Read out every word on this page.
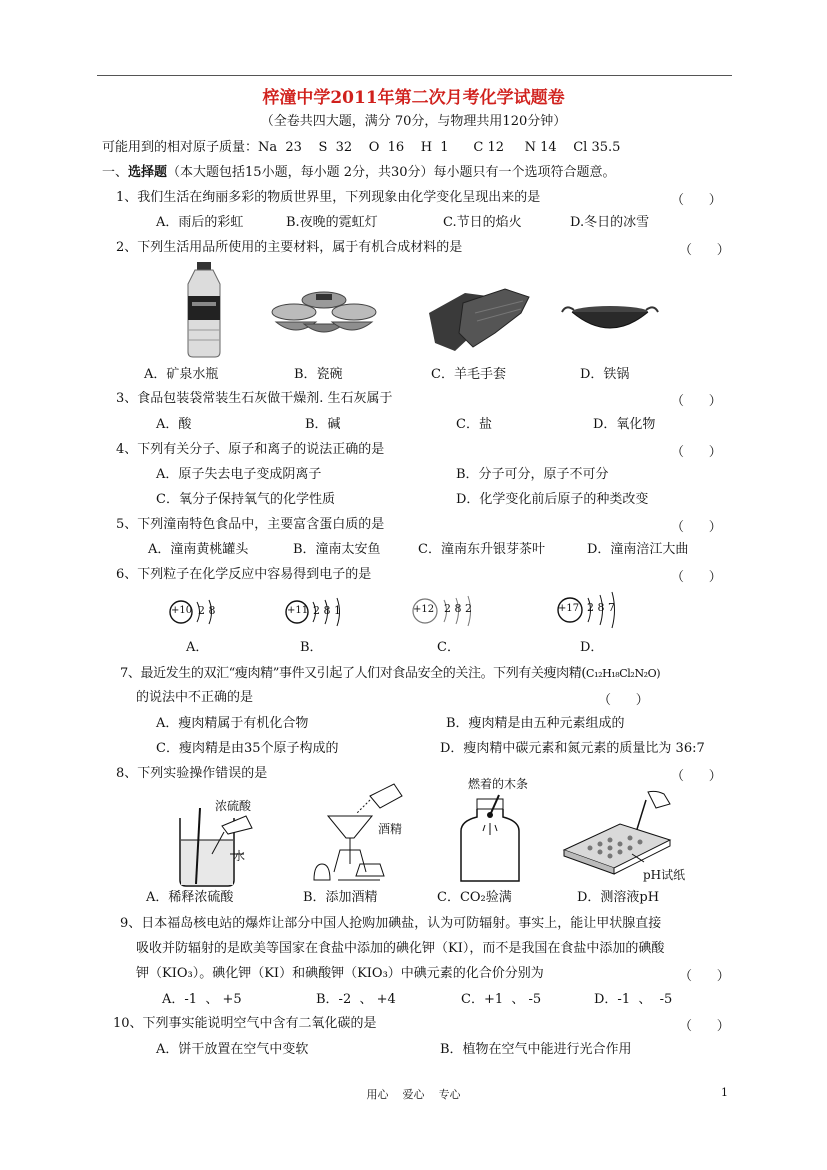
梓潼中学2011年第二次月考化学试题卷
（全卷共四大题，满分 70分，与物理共用120分钟）
可能用到的相对原子质量：Na  23    S  32    O  16    H  1      C 12     N 14    Cl 35.5
一、选择题（本大题包括15小题，每小题 2分，共30分）每小题只有一个选项符合题意。
1、我们生活在绚丽多彩的物质世界里，下列现象由化学变化呈现出来的是	（      ）
A．雨后的彩虹	B.夜晚的霓虹灯	C.节日的焰火	D.冬日的冰雪
2、下列生活用品所使用的主要材料，属于有机合成材料的是	（      ）
A．矿泉水瓶	B．瓷碗	C．羊毛手套	D．铁锅
3、食品包装袋常装生石灰做干燥剂. 生石灰属于	（      ）
A．酸	B．碱	C．盐	D．氧化物
4、下列有关分子、原子和离子的说法正确的是	（      ）
A．原子失去电子变成阴离子	B．分子可分，原子不可分
C．氧分子保持氧气的化学性质	D．化学变化前后原子的种类改变
5、下列潼南特色食品中，主要富含蛋白质的是	（      ）
A．潼南黄桃罐头	B．潼南太安鱼	C．潼南东升银芽茶叶	D．潼南涪江大曲
6、下列粒子在化学反应中容易得到电子的是	（      ）
+10 2 8	+11 2 8 1	+12 2 8 2	+17 2 8 7
A．	B．	C．	D．
7、最近发生的双汇“瘦肉精”事件又引起了人们对食品安全的关注。下列有关瘦肉精(C₁₂H₁₈Cl₂N₂O)
的说法中不正确的是	（      ）
A．瘦肉精属于有机化合物	B．瘦肉精是由五种元素组成的
C．瘦肉精是由35个原子构成的	D．瘦肉精中碳元素和氮元素的质量比为 36:7
8、下列实验操作错误的是	（      ）
浓硫酸
水
酒精
燃着的木条
pH试纸
A．稀释浓硫酸	B．添加酒精	C．CO₂验满	D．测溶液pH
9、日本福岛核电站的爆炸让部分中国人抢购加碘盐，认为可防辐射。事实上，能让甲状腺直接
吸收并防辐射的是欧美等国家在食盐中添加的碘化钾（KI），而不是我国在食盐中添加的碘酸
钾（KIO₃）。碘化钾（KI）和碘酸钾（KIO₃）中碘元素的化合价分别为	（      ）
A．-1  、 +5	B．-2  、 +4	C．+1  、 -5	D．-1  、  -5
10、下列事实能说明空气中含有二氧化碳的是	（      ）
A．饼干放置在空气中变软	B．植物在空气中能进行光合作用
用心    爱心    专心	1
